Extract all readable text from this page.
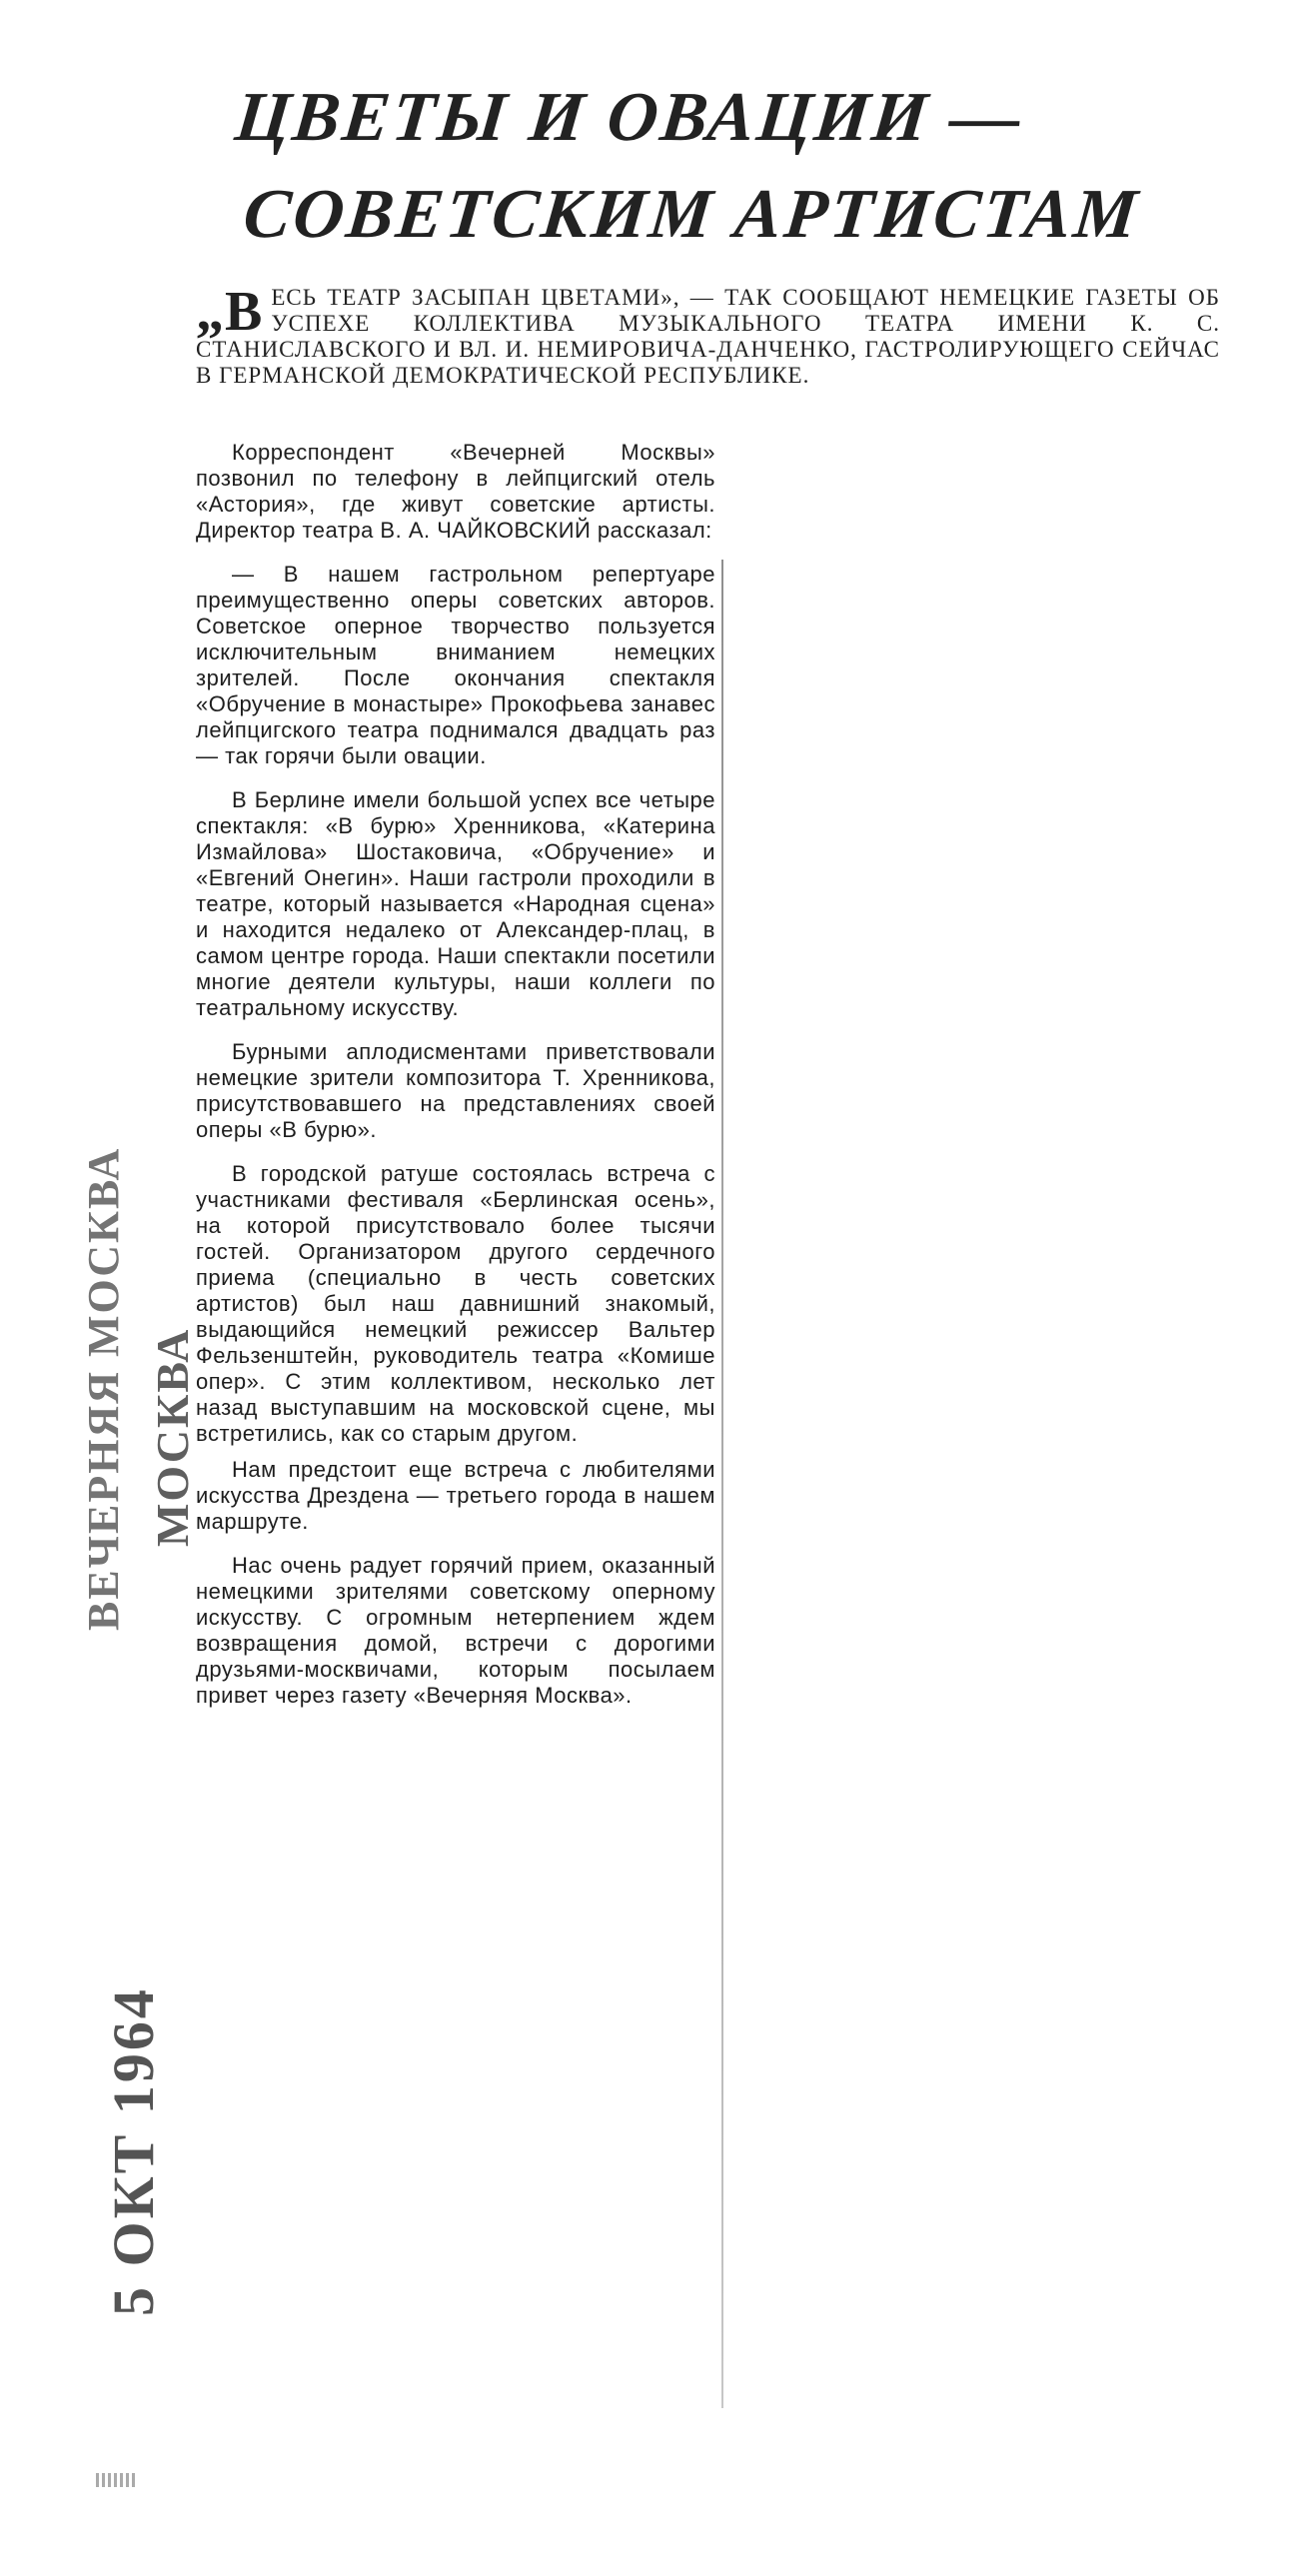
ЦВЕТЫ И ОВАЦИИ —
СОВЕТСКИМ АРТИСТАМ
„В ЕСЬ ТЕАТР ЗАСЫПАН ЦВЕТАМИ», — ТАК СООБЩАЮТ НЕМЕЦКИЕ ГАЗЕТЫ ОБ УСПЕХЕ КОЛЛЕКТИВА МУЗЫКАЛЬНОГО ТЕАТРА ИМЕНИ К. С. СТАНИСЛАВСКОГО И ВЛ. И. НЕМИРОВИЧА-ДАНЧЕНКО, ГАСТРОЛИРУЮЩЕГО СЕЙЧАС В ГЕРМАНСКОЙ ДЕМОКРАТИЧЕСКОЙ РЕСПУБЛИКЕ.

Корреспондент «Вечерней Москвы» позвонил по телефону в лейпцигский отель «Астория», где живут советские артисты. Директор театра В. А. ЧАЙКОВСКИЙ рассказал:

— В нашем гастрольном репертуаре преимущественно оперы советских авторов. Советское оперное творчество пользуется исключительным вниманием немецких зрителей. После окончания спектакля «Обручение в монастыре» Прокофьева занавес лейпцигского театра поднимался двадцать раз — так горячи были овации.

В Берлине имели большой успех все четыре спектакля: «В бурю» Хренникова, «Катерина Измайлова» Шостаковича, «Обручение» и «Евгений Онегин». Наши гастроли проходили в театре, который называется «Народная сцена» и находится недалеко от Александер-плац, в самом центре города. Наши спектакли посетили многие деятели культуры, наши коллеги по театральному искусству.

Бурными аплодисментами приветствовали немецкие зрители композитора Т. Хренникова, присутствовавшего на представлениях своей оперы «В бурю».

В городской ратуше состоялась встреча с участниками фестиваля «Берлинская осень», на которой присутствовало более тысячи гостей. Организатором другого сердечного приема (специально в честь советских артистов) был наш давнишний знакомый, выдающийся немецкий режиссер Вальтер Фельзенштейн, руководитель театра «Комише опер». С этим коллективом, несколько лет назад выступавшим на московской сцене, мы встретились, как со старым другом.

Нам предстоит еще встреча с любителями искусства Дрездена — третьего города в нашем маршруте.

Нас очень радует горячий прием, оказанный немецкими зрителями советскому оперному искусству. С огромным нетерпением ждем возвращения домой, встречи с дорогими друзьями-москвичами, которым посылаем привет через газету «Вечерняя Москва».

ВЕЧЕРНЯЯ МОСКВА МОСКВА
5 ОКТ 1964
